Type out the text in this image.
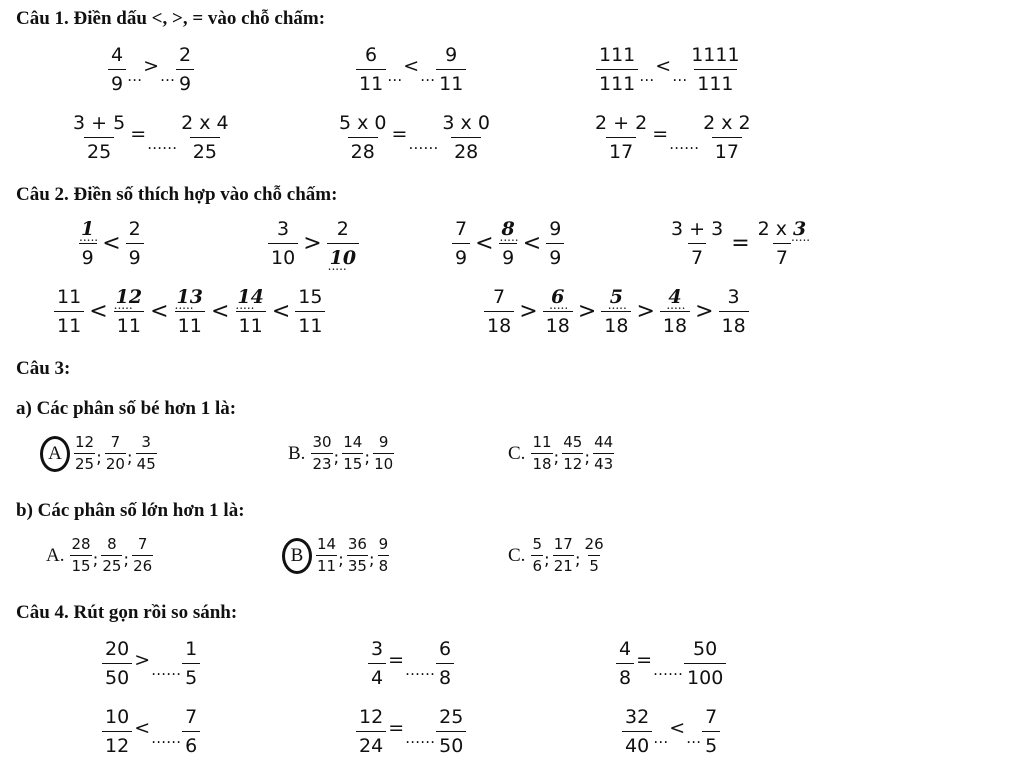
Câu 1. Điền dấu <, >, = vào chỗ chấm:
$\frac{4}{9}$ … > … $\frac{2}{9}$	$\frac{6}{11}$ … < … $\frac{9}{11}$	$\frac{111}{111}$ … < … $\frac{1111}{111}$
$\frac{3 + 5}{25}$ = …… $\frac{2 x 4}{25}$	$\frac{5 x 0}{28}$ = …… $\frac{3 x 0}{28}$	$\frac{2 + 2}{17}$ = …… $\frac{2 x 2}{17}$
Câu 2. Điền số thích hợp vào chỗ chấm:
$\frac{1 .....}{9} < \frac{2}{9}$	$\frac{3}{10} > \frac{2}{10}$ .....	$\frac{7}{9} < \frac{8 .....}{9} < \frac{9}{9}$	$\frac{3 + 3}{7} = \frac{2 x 3 .....}{7}$
$\frac{11}{11} < \frac{12 .....}{11} < \frac{13 .....}{11} < \frac{14 .....}{11} < \frac{15}{11}$	$\frac{7}{18} > \frac{6 .....}{18} > \frac{5 .....}{18} > \frac{4 .....}{18} > \frac{3}{18}$
Câu 3:
a) Các phân số bé hơn 1 là:
A $\frac{12}{25}$ ; $\frac{7}{20}$ ; $\frac{3}{45}$	B. $\frac{30}{23}$ ; $\frac{14}{15}$ ; $\frac{9}{10}$	C. $\frac{11}{18}$ ; $\frac{45}{12}$ ; $\frac{44}{43}$
b) Các phân số lớn hơn 1 là:
A. $\frac{28}{15}$ ; $\frac{8}{25}$ ; $\frac{7}{26}$	B $\frac{14}{11}$ ; $\frac{36}{35}$ ; $\frac{9}{8}$	C. $\frac{5}{6}$ ; $\frac{17}{21}$ ; $\frac{26}{5}$
Câu 4. Rút gọn rồi so sánh:
$\frac{20}{50}$ > …… $\frac{1}{5}$	$\frac{3}{4}$ = …… $\frac{6}{8}$	$\frac{4}{8}$ = …… $\frac{50}{100}$
$\frac{10}{12}$ < …… $\frac{7}{6}$	$\frac{12}{24}$ = …… $\frac{25}{50}$	$\frac{32}{40}$ … < … $\frac{7}{5}$
